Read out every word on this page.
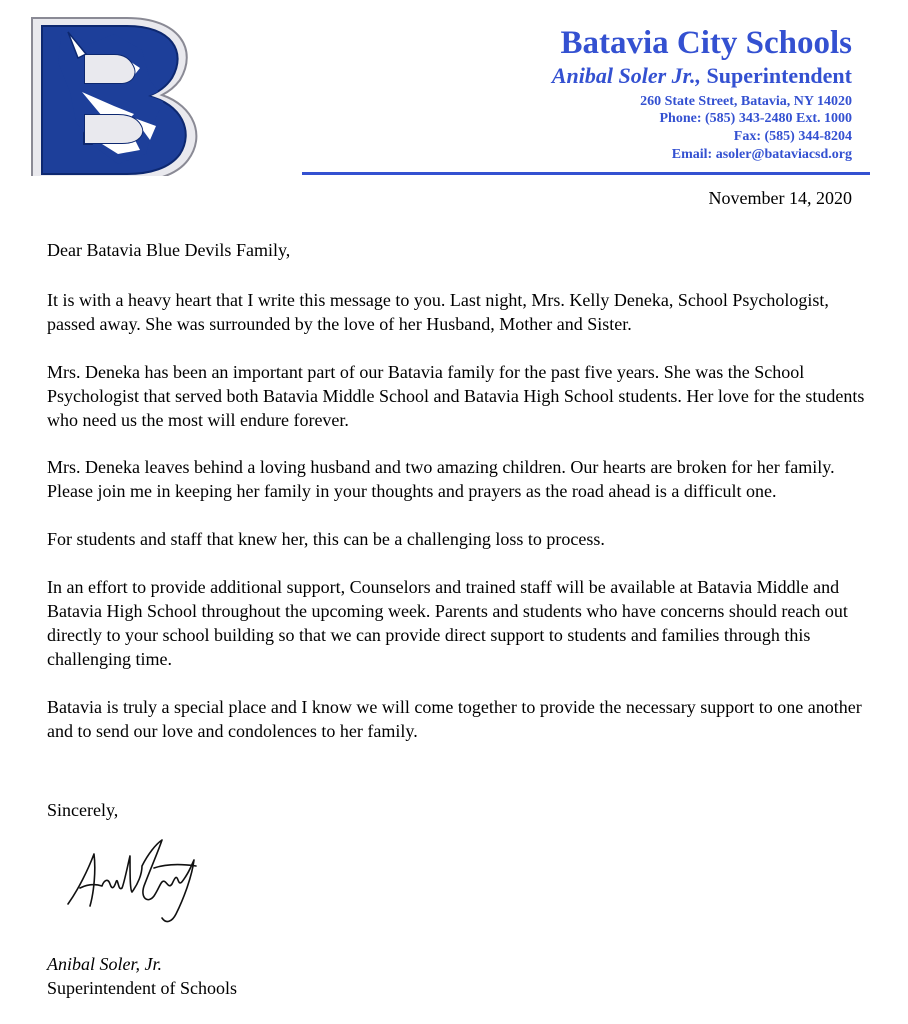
Batavia City Schools
Anibal Soler Jr., Superintendent
260 State Street, Batavia, NY 14020
Phone: (585) 343-2480 Ext. 1000
Fax: (585) 344-8204
Email: asoler@bataviacsd.org
November 14, 2020

Dear Batavia Blue Devils Family,

It is with a heavy heart that I write this message to you. Last night, Mrs. Kelly Deneka, School Psychologist, passed away. She was surrounded by the love of her Husband, Mother and Sister.

Mrs. Deneka has been an important part of our Batavia family for the past five years. She was the School Psychologist that served both Batavia Middle School and Batavia High School students. Her love for the students who need us the most will endure forever.

Mrs. Deneka leaves behind a loving husband and two amazing children. Our hearts are broken for her family. Please join me in keeping her family in your thoughts and prayers as the road ahead is a difficult one.

For students and staff that knew her, this can be a challenging loss to process.

In an effort to provide additional support, Counselors and trained staff will be available at Batavia Middle and Batavia High School throughout the upcoming week. Parents and students who have concerns should reach out directly to your school building so that we can provide direct support to students and families through this challenging time.

Batavia is truly a special place and I know we will come together to provide the necessary support to one another and to send our love and condolences to her family.

Sincerely,
Anibal Soler, Jr.
Superintendent of Schools
